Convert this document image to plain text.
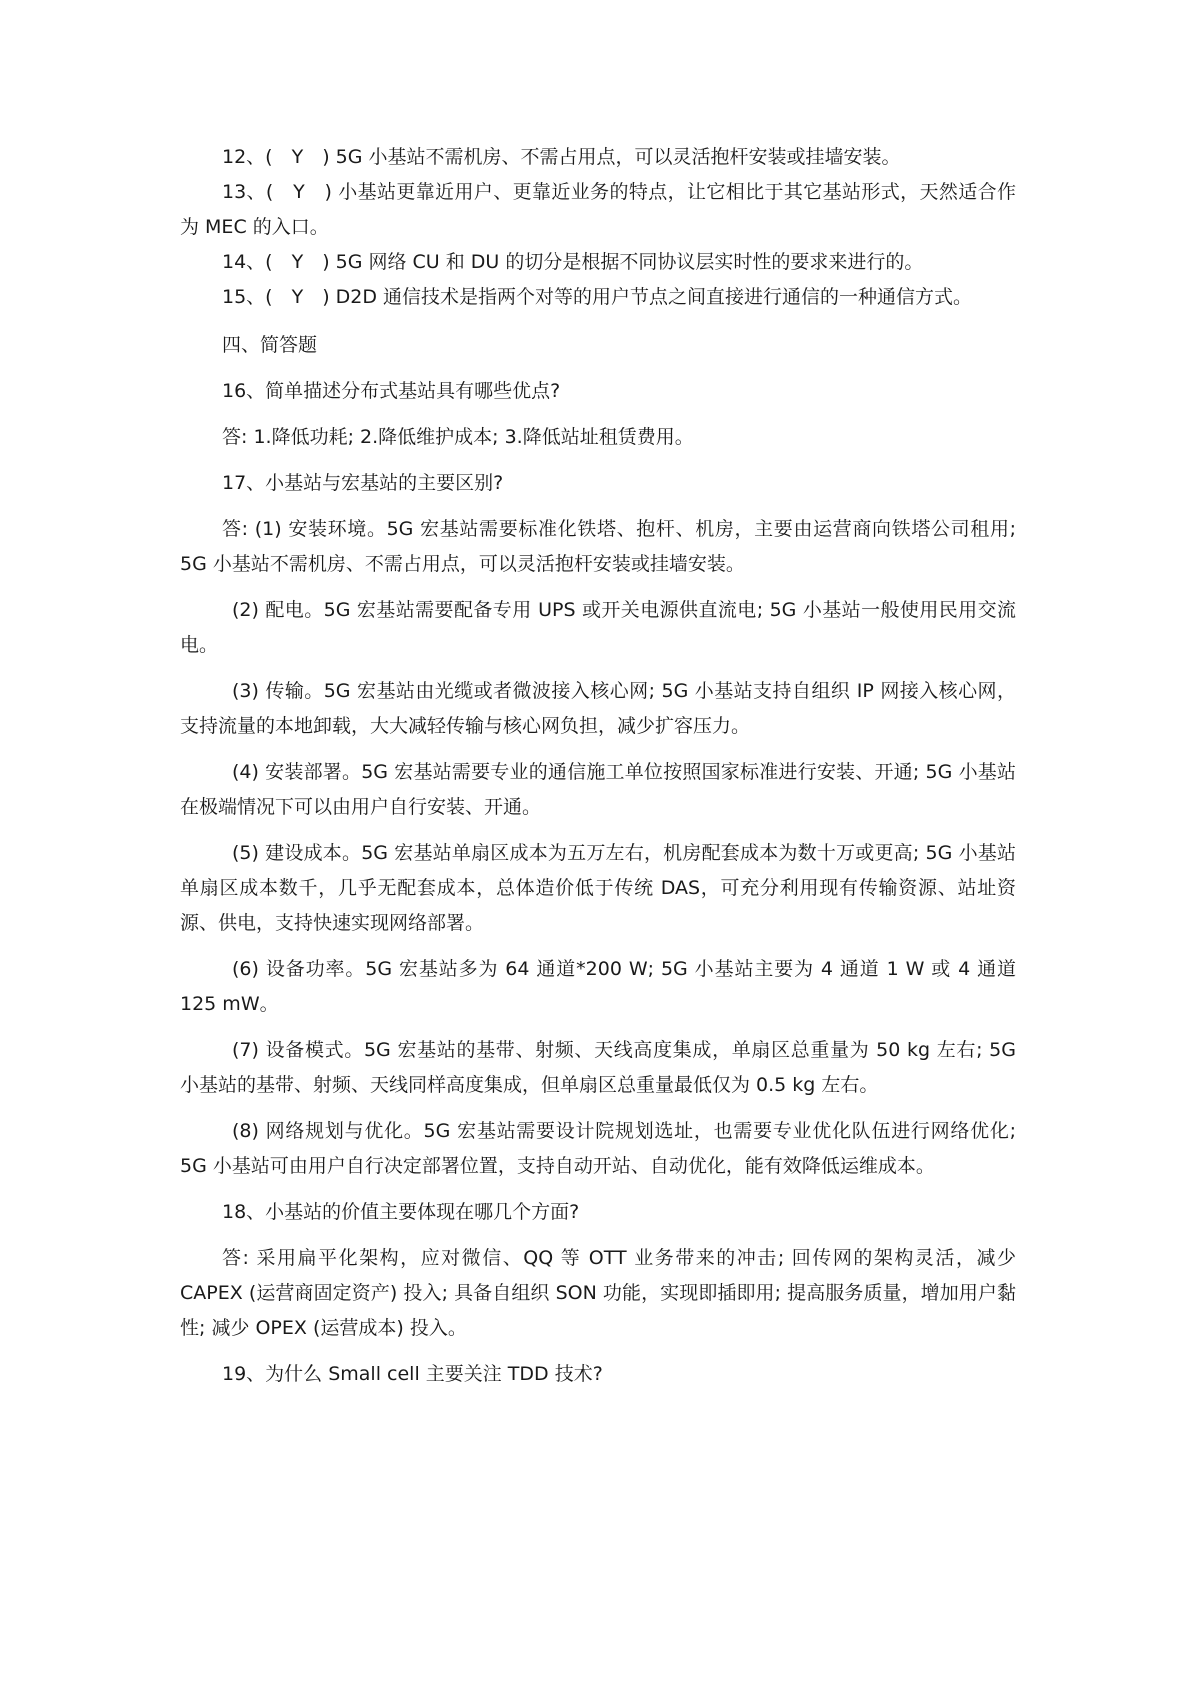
12、(　Y　) 5G 小基站不需机房、不需占用点，可以灵活抱杆安装或挂墙安装。

13、(　Y　) 小基站更靠近用户、更靠近业务的特点，让它相比于其它基站形式，天然适合作为 MEC 的入口。

14、(　Y　) 5G 网络 CU 和 DU 的切分是根据不同协议层实时性的要求来进行的。

15、(　Y　) D2D 通信技术是指两个对等的用户节点之间直接进行通信的一种通信方式。

四、简答题

16、简单描述分布式基站具有哪些优点?

答: 1.降低功耗; 2.降低维护成本; 3.降低站址租赁费用。

17、小基站与宏基站的主要区别?

答: (1) 安装环境。5G 宏基站需要标准化铁塔、抱杆、机房，主要由运营商向铁塔公司租用; 5G 小基站不需机房、不需占用点，可以灵活抱杆安装或挂墙安装。

(2) 配电。5G 宏基站需要配备专用 UPS 或开关电源供直流电; 5G 小基站一般使用民用交流电。

(3) 传输。5G 宏基站由光缆或者微波接入核心网; 5G 小基站支持自组织 IP 网接入核心网，支持流量的本地卸载，大大减轻传输与核心网负担，减少扩容压力。

(4) 安装部署。5G 宏基站需要专业的通信施工单位按照国家标准进行安装、开通; 5G 小基站在极端情况下可以由用户自行安装、开通。

(5) 建设成本。5G 宏基站单扇区成本为五万左右，机房配套成本为数十万或更高; 5G 小基站单扇区成本数千，几乎无配套成本，总体造价低于传统 DAS，可充分利用现有传输资源、站址资源、供电，支持快速实现网络部署。

(6) 设备功率。5G 宏基站多为 64 通道*200 W; 5G 小基站主要为 4 通道 1 W 或 4 通道 125 mW。

(7) 设备模式。5G 宏基站的基带、射频、天线高度集成，单扇区总重量为 50 kg 左右; 5G 小基站的基带、射频、天线同样高度集成，但单扇区总重量最低仅为 0.5 kg 左右。

(8) 网络规划与优化。5G 宏基站需要设计院规划选址，也需要专业优化队伍进行网络优化; 5G 小基站可由用户自行决定部署位置，支持自动开站、自动优化，能有效降低运维成本。

18、小基站的价值主要体现在哪几个方面?

答: 采用扁平化架构，应对微信、QQ 等 OTT 业务带来的冲击; 回传网的架构灵活，减少 CAPEX (运营商固定资产) 投入; 具备自组织 SON 功能，实现即插即用; 提高服务质量，增加用户黏性; 减少 OPEX (运营成本) 投入。

19、为什么 Small cell 主要关注 TDD 技术?
